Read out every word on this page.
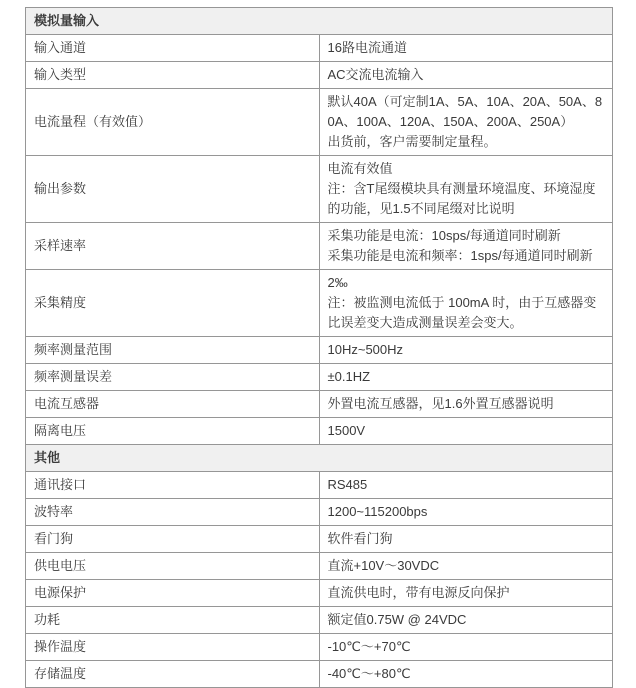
模拟量输入	
输入通道	16路电流通道

输入类型	AC交流电流输入

电流量程（有效值）	默认40A（可定制1A、5A、10A、20A、50A、80A、100A、120A、150A、200A、250A）
出货前，客户需要制定量程。

输出参数	电流有效值
注：含T尾缀模块具有测量环境温度、环境湿度的功能，见1.5不同尾缀对比说明

采样速率	采集功能是电流：10sps/每通道同时刷新
采集功能是电流和频率：1sps/每通道同时刷新

采集精度	2‰
注：被监测电流低于 100mA 时，由于互感器变比误差变大造成测量误差会变大。

频率测量范围	10Hz~500Hz

频率测量误差	±0.1HZ

电流互感器	外置电流互感器，见1.6外置互感器说明

隔离电压	1500V

其他	
通讯接口	RS485

波特率	1200~115200bps

看门狗	软件看门狗

供电电压	直流+10V～30VDC

电源保护	直流供电时，带有电源反向保护

功耗	额定值0.75W @ 24VDC

操作温度	-10℃～+70℃

存储温度	-40℃～+80℃
